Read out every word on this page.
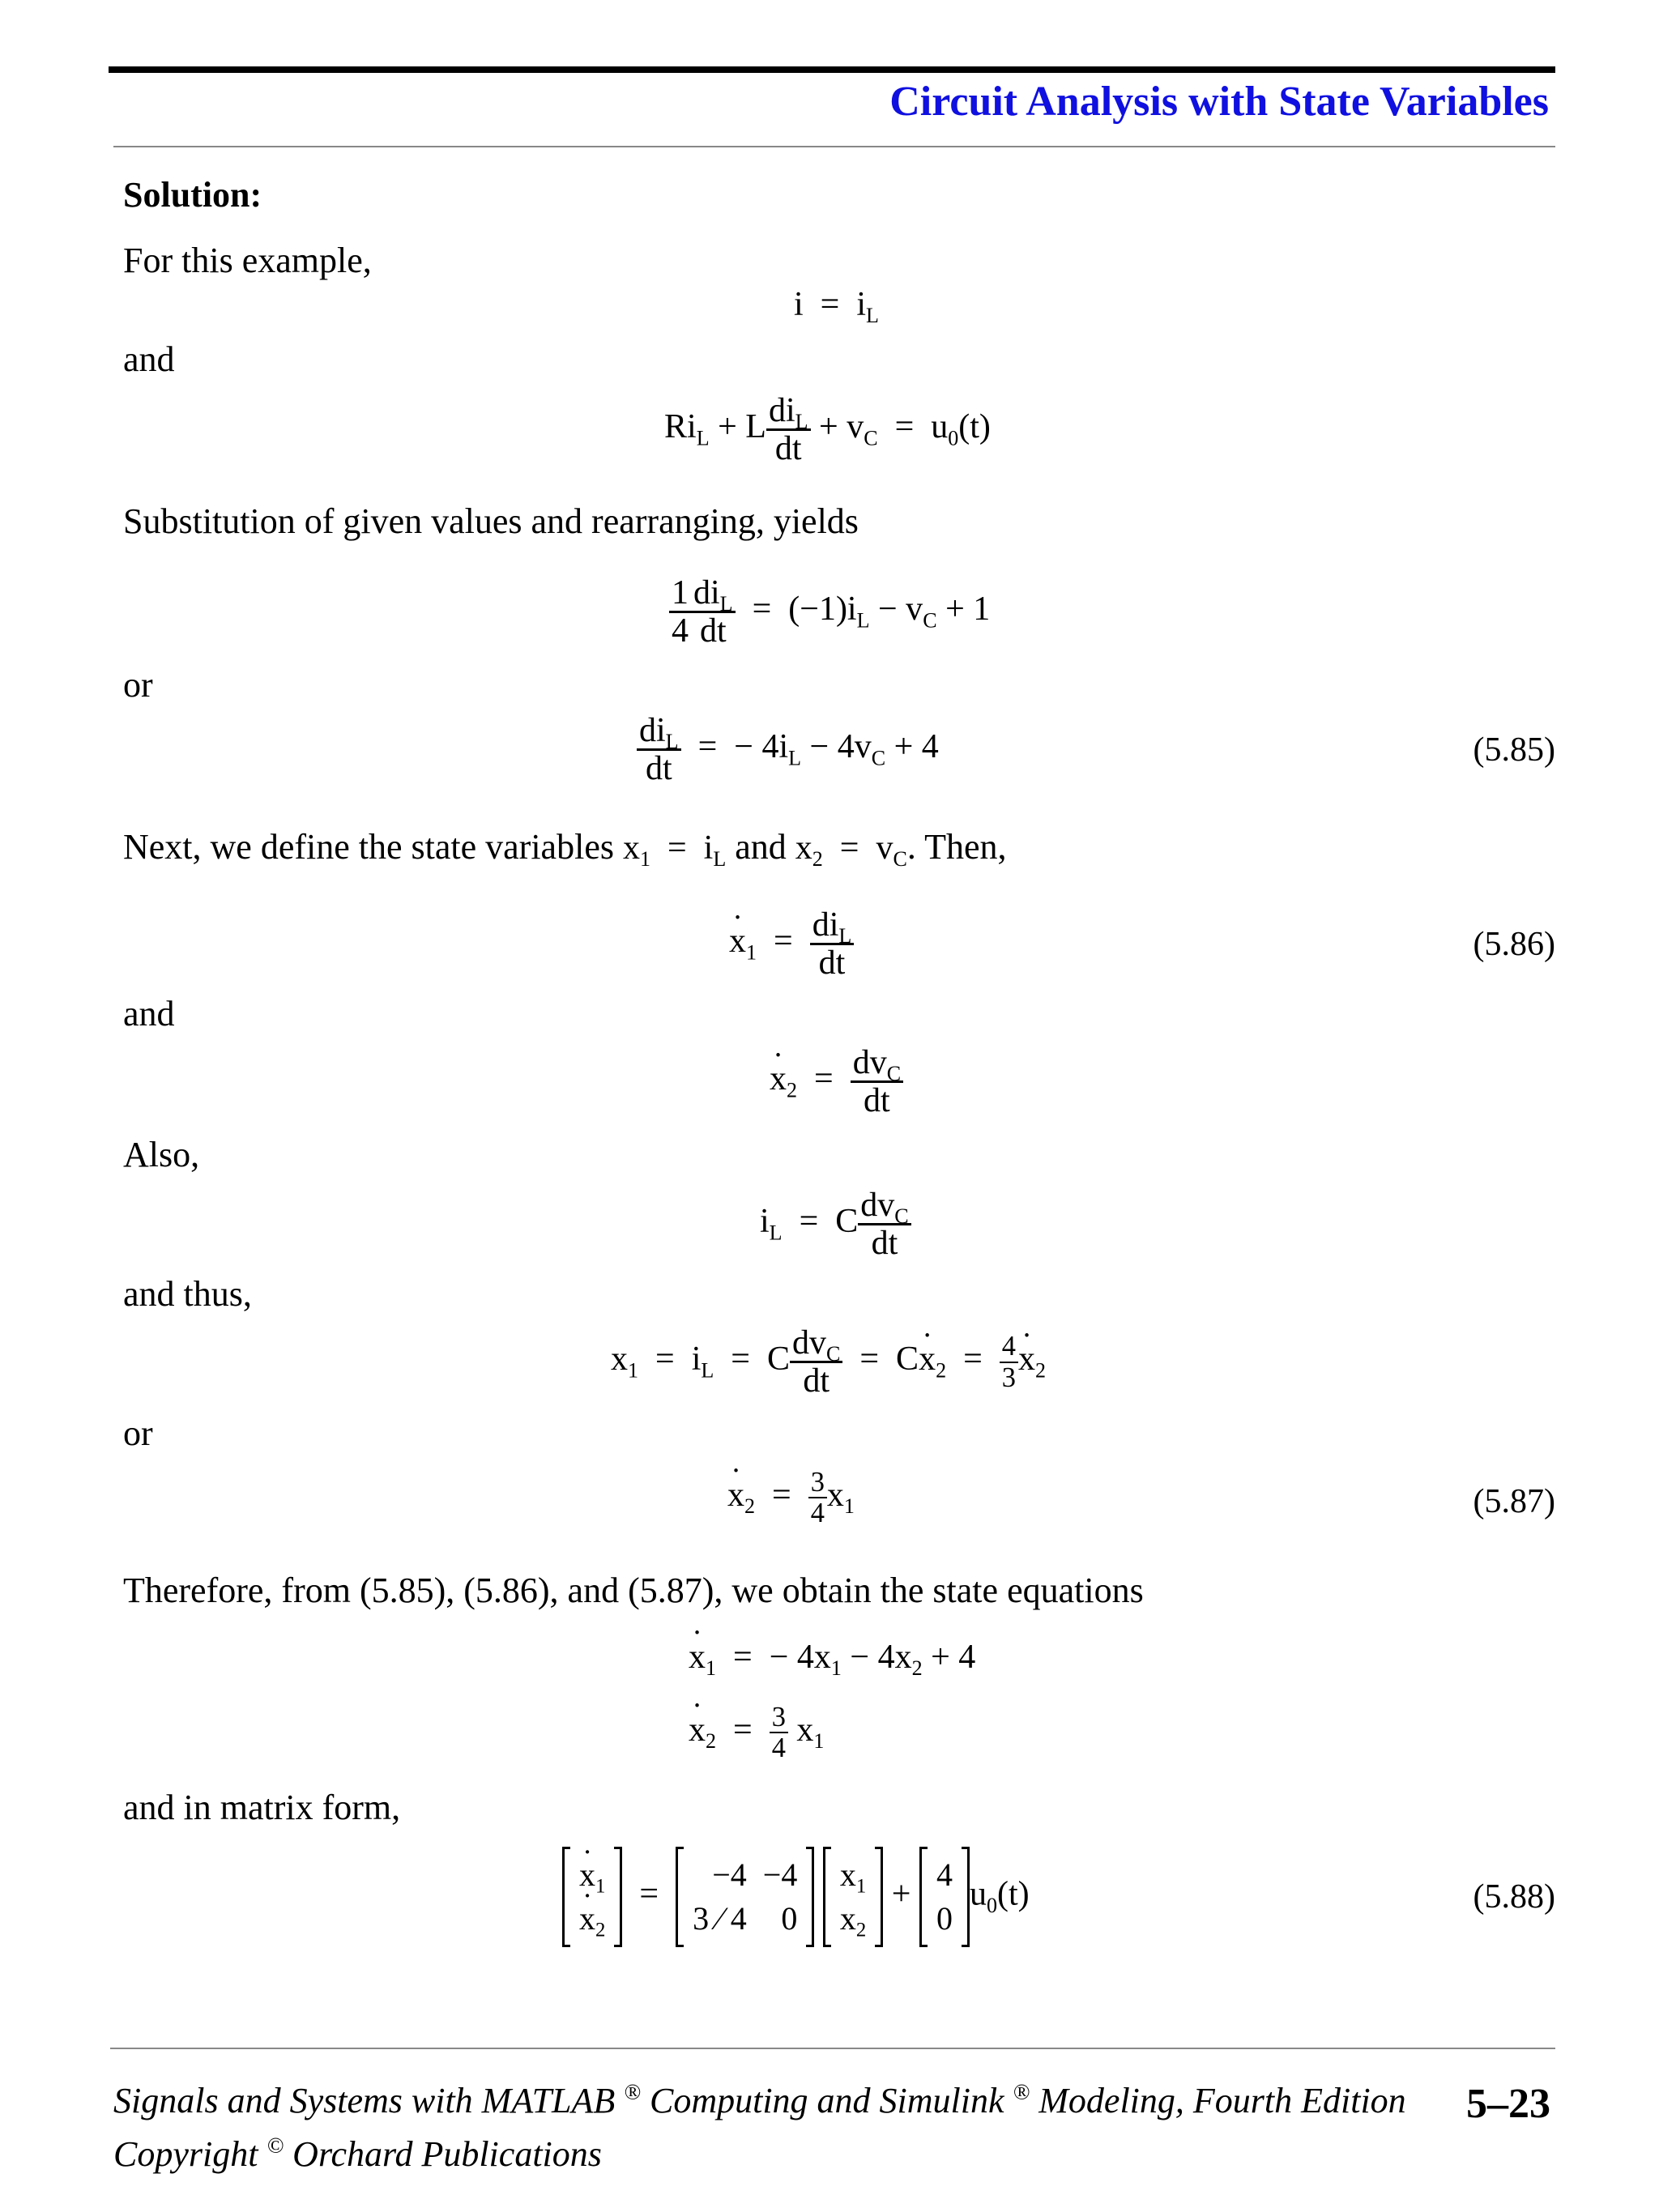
Circuit Analysis with State Variables
Solution:
For this example,
$i = i_L$
and
$Ri_L + L \frac{di_L}{dt} + v_C = u_0(t)$
Substitution of given values and rearranging, yields
$\frac{1}{4} \frac{di_L}{dt} = (-1)i_L - v_C + 1$
or
$\frac{di_L}{dt}$ =  − $4i_L - 4v_C + 4$	(5.85)
Next, we define the state variables $x_1 = i_L$ and $x_2 = v_C$. Then,
˙ $x_1 = \frac{di_L}{dt}$	(5.86)
and
˙ $x_2 = \frac{dv_C}{dt}$
Also,
$i_L = C \frac{dv_C}{dt}$
and thus,
$x_1 = i_L = C \frac{dv_C}{dt}$ =  C˙ $x_2 = \frac{4}{3}$ ˙ $x_2$
or
˙ $x_2 = \frac{3}{4} x_1$	(5.87)
Therefore, from (5.85), (5.86), and (5.87), we obtain the state equations
˙ $x_1$  =  − $4x_1 - 4x_2 + 4$
˙ $x_2 = \frac{3}{4} x_1$
and in matrix form,
˙ $x_1$
˙ $x_2$
=
−4	−4
3 ⁄ 4	0

$x_1$
$x_2$
+
4
0
$u_0(t)$	(5.88)
Signals and Systems with MATLAB ® Computing and Simulink ® Modeling, Fourth Edition
Copyright © Orchard Publications
5–23
